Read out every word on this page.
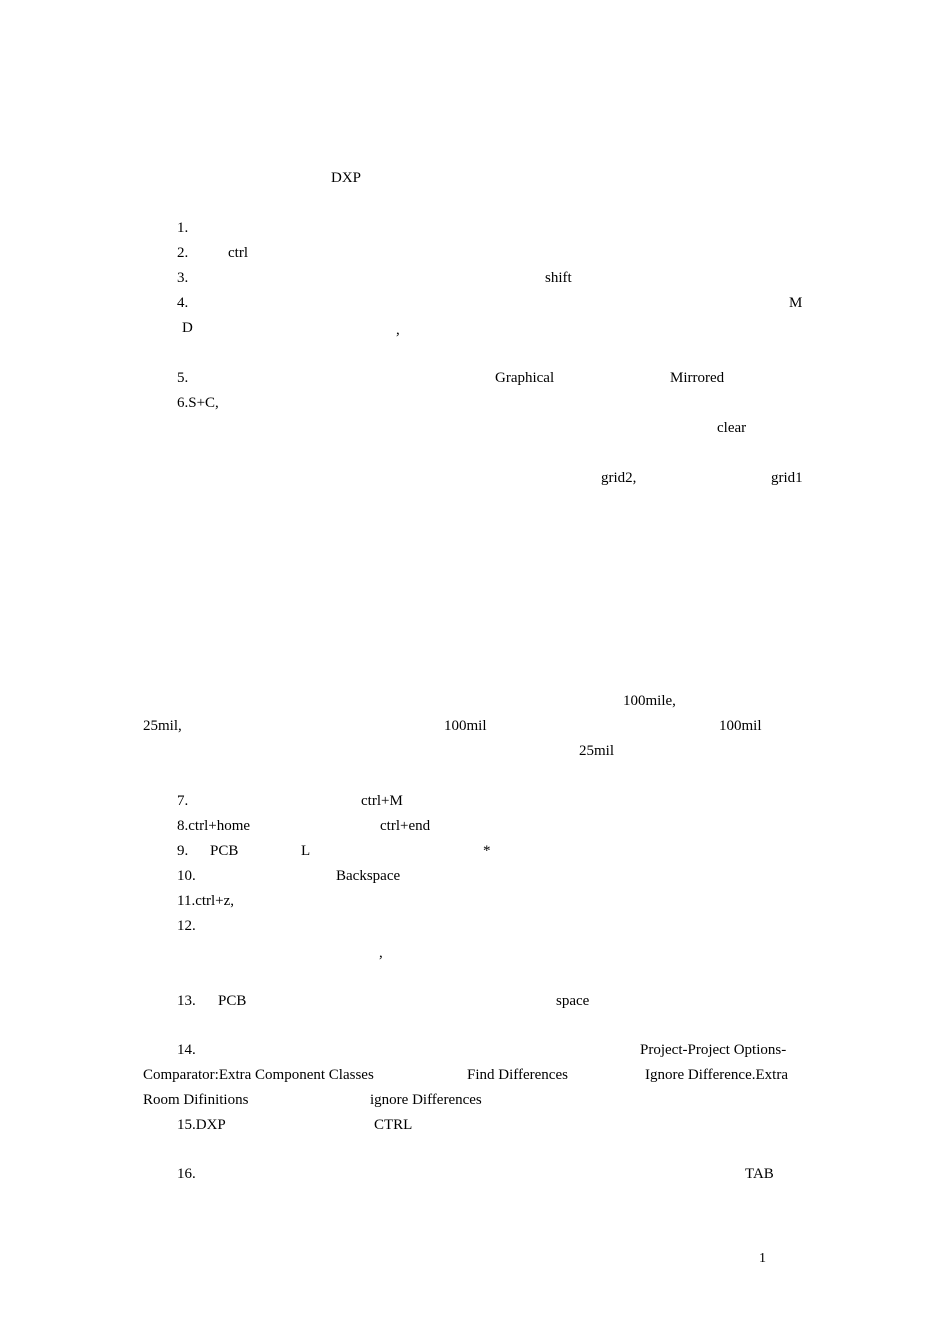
DXP
1.
2.	ctrl
3.	shift
4.	M
D	,
5.	Graphical	Mirrored
6.S+C,
clear
grid2,	grid1
100mile,
25mil,	100mil	100mil
25mil
7.	ctrl+M
8.ctrl+home	ctrl+end
9. PCB	L	*
10.	Backspace
11.ctrl+z,
12.
,
13. PCB	space
14.	Project-Project Options-
Comparator:Extra Component Classes	Find Differences	Ignore Difference.Extra
Room Difinitions	ignore Differences
15.DXP	CTRL
16.	TAB
1
